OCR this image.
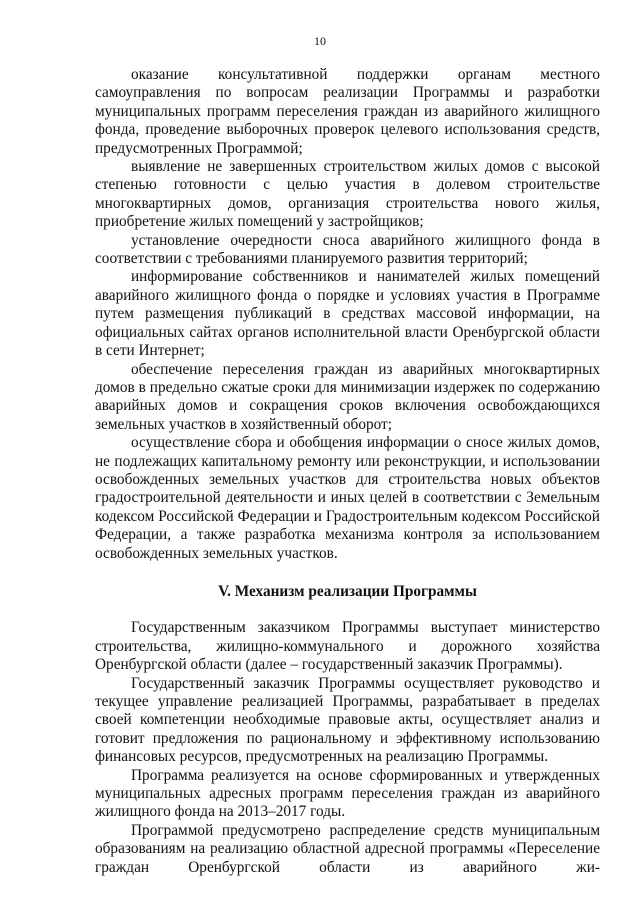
10

оказание консультативной поддержки органам местного самоуправления по вопросам реализации Программы и разработки муниципальных программ переселения граждан из аварийного жилищного фонда, проведение выборочных проверок целевого использования средств, предусмотренных Программой;

выявление не завершенных строительством жилых домов с высокой степенью готовности с целью участия в долевом строительстве многоквартирных домов, организация строительства нового жилья, приобретение жилых помещений у застройщиков;

установление очередности сноса аварийного жилищного фонда в соответствии с требованиями планируемого развития территорий;

информирование собственников и нанимателей жилых помещений аварийного жилищного фонда о порядке и условиях участия в Программе путем размещения публикаций в средствах массовой информации, на официальных сайтах органов исполнительной власти Оренбургской области в сети Интернет;

обеспечение переселения граждан из аварийных многоквартирных домов в предельно сжатые сроки для минимизации издержек по содержанию аварийных домов и сокращения сроков включения освобождающихся земельных участков в хозяйственный оборот;

осуществление сбора и обобщения информации о сносе жилых домов, не подлежащих капитальному ремонту или реконструкции, и использовании освобожденных земельных участков для строительства новых объектов градостроительной деятельности и иных целей в соответствии с Земельным кодексом Российской Федерации и Градостроительным кодексом Российской Федерации, а также разработка механизма контроля за использованием освобожденных земельных участков.

V. Механизм реализации Программы

Государственным заказчиком Программы выступает министерство строительства, жилищно-коммунального и дорожного хозяйства Оренбургской области (далее – государственный заказчик Программы).

Государственный заказчик Программы осуществляет руководство и текущее управление реализацией Программы, разрабатывает в пределах своей компетенции необходимые правовые акты, осуществляет анализ и готовит предложения по рациональному и эффективному использованию финансовых ресурсов, предусмотренных на реализацию Программы.

Программа реализуется на основе сформированных и утвержденных муниципальных адресных программ переселения граждан из аварийного жилищного фонда на 2013–2017 годы.

Программой предусмотрено распределение средств муниципальным образованиям на реализацию областной адресной программы «Переселение граждан Оренбургской области из аварийного жи-
